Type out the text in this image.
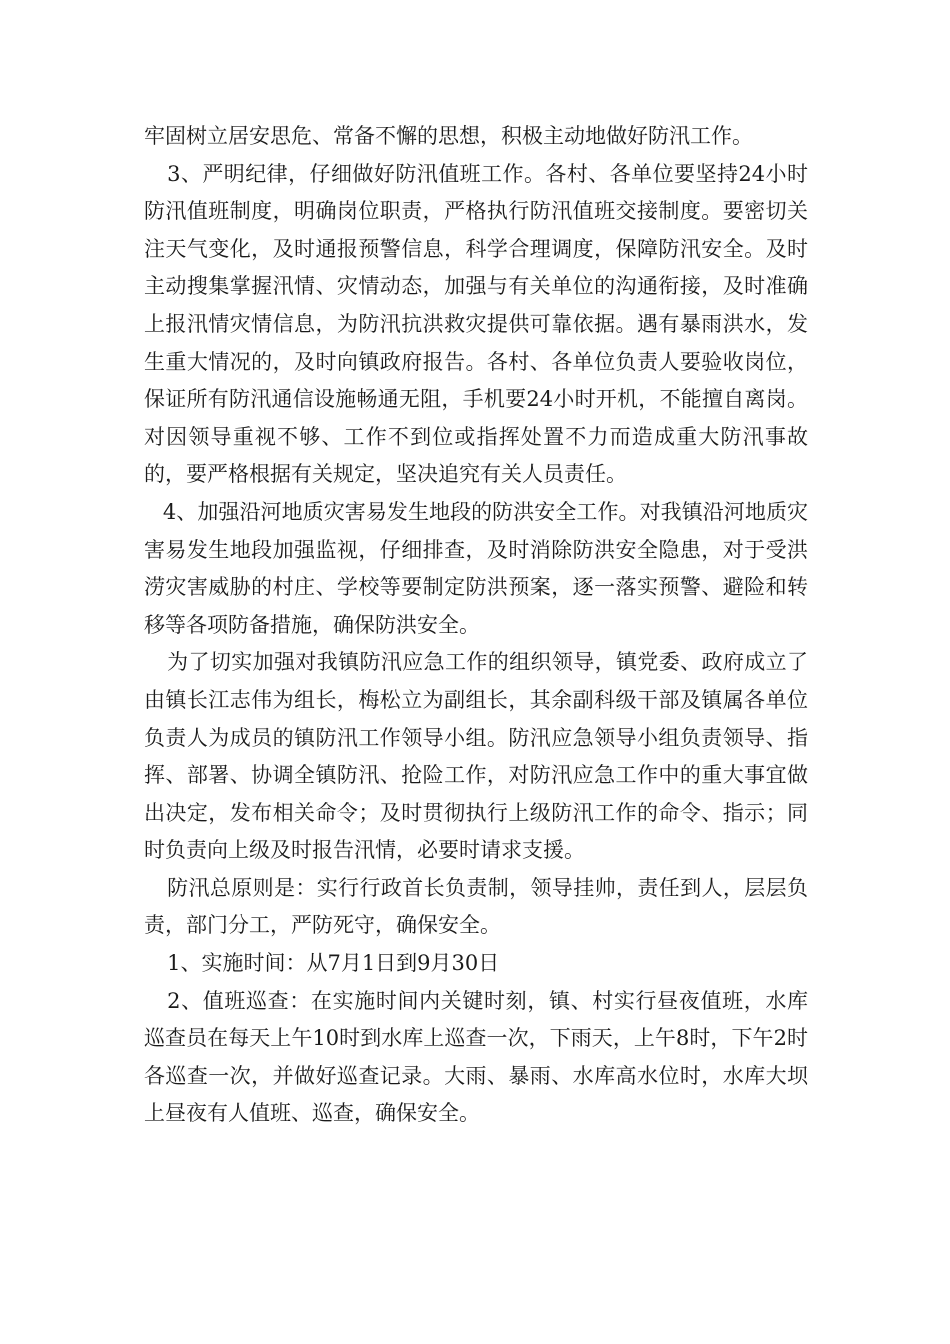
牢固树立居安思危、常备不懈的思想，积极主动地做好防汛工作。

3、严明纪律，仔细做好防汛值班工作。各村、各单位要坚持24小时防汛值班制度，明确岗位职责，严格执行防汛值班交接制度。要密切关注天气变化，及时通报预警信息，科学合理调度，保障防汛安全。及时主动搜集掌握汛情、灾情动态，加强与有关单位的沟通衔接，及时准确上报汛情灾情信息，为防汛抗洪救灾提供可靠依据。遇有暴雨洪水，发生重大情况的，及时向镇政府报告。各村、各单位负责人要验收岗位，保证所有防汛通信设施畅通无阻，手机要24小时开机，不能擅自离岗。对因领导重视不够、工作不到位或指挥处置不力而造成重大防汛事故的，要严格根据有关规定，坚决追究有关人员责任。

4、加强沿河地质灾害易发生地段的防洪安全工作。对我镇沿河地质灾害易发生地段加强监视，仔细排查，及时消除防洪安全隐患，对于受洪涝灾害威胁的村庄、学校等要制定防洪预案，逐一落实预警、避险和转移等各项防备措施，确保防洪安全。

为了切实加强对我镇防汛应急工作的组织领导，镇党委、政府成立了由镇长江志伟为组长，梅松立为副组长，其余副科级干部及镇属各单位负责人为成员的镇防汛工作领导小组。防汛应急领导小组负责领导、指挥、部署、协调全镇防汛、抢险工作，对防汛应急工作中的重大事宜做出决定，发布相关命令；及时贯彻执行上级防汛工作的命令、指示；同时负责向上级及时报告汛情，必要时请求支援。

防汛总原则是：实行行政首长负责制，领导挂帅，责任到人，层层负责，部门分工，严防死守，确保安全。

1、实施时间：从7月1日到9月30日

2、值班巡查：在实施时间内关键时刻，镇、村实行昼夜值班，水库巡查员在每天上午10时到水库上巡查一次，下雨天，上午8时，下午2时各巡查一次，并做好巡查记录。大雨、暴雨、水库高水位时，水库大坝上昼夜有人值班、巡查，确保安全。
